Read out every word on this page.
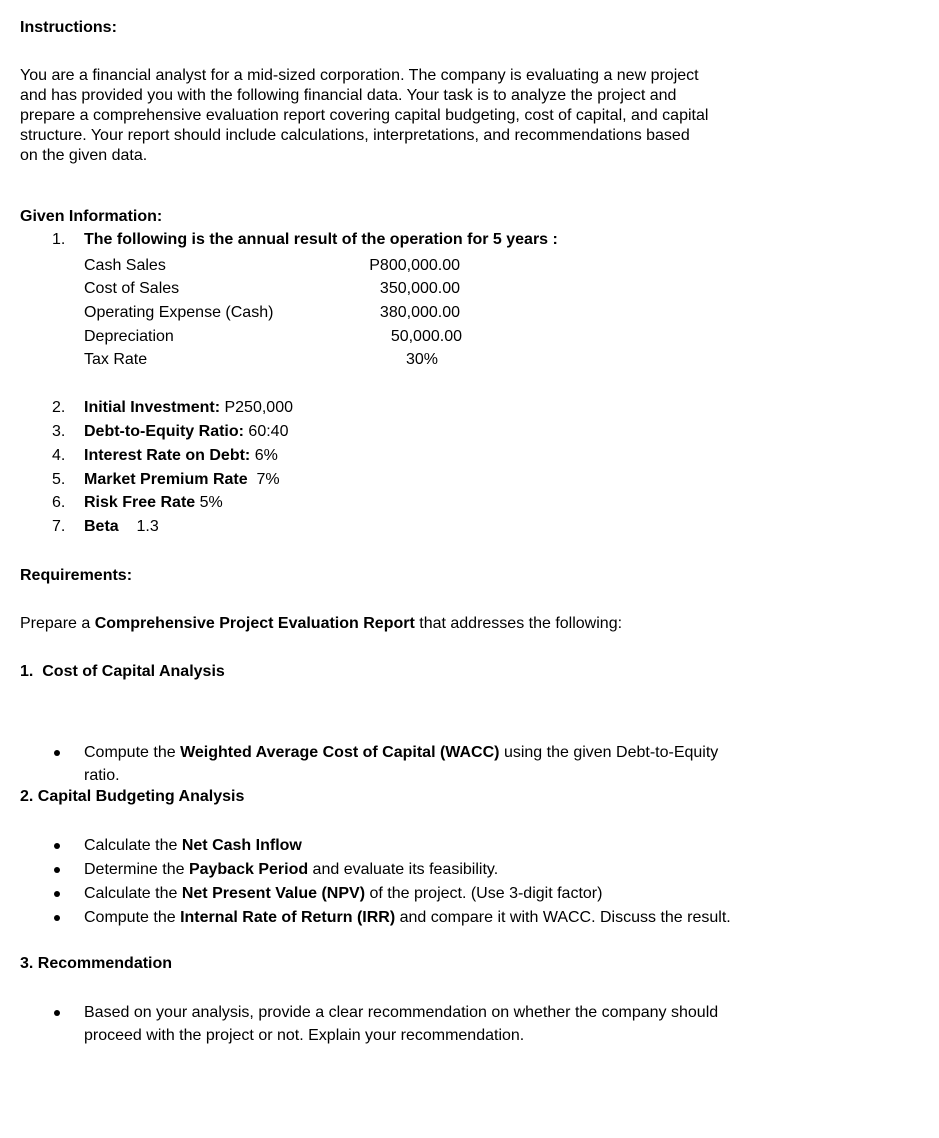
Instructions:
You are a financial analyst for a mid-sized corporation. The company is evaluating a new project
and has provided you with the following financial data. Your task is to analyze the project and
prepare a comprehensive evaluation report covering capital budgeting, cost of capital, and capital
structure. Your report should include calculations, interpretations, and recommendations based
on the given data.
Given Information:
1. The following is the annual result of the operation for 5 years :
Cash Sales	P800,000.00
Cost of Sales	350,000.00
Operating Expense (Cash)	380,000.00
Depreciation	50,000.00
Tax Rate	30%
2. Initial Investment: P250,000
3. Debt-to-Equity Ratio: 60:40
4. Interest Rate on Debt: 6%
5. Market Premium Rate  7%
6. Risk Free Rate 5%
7. Beta    1.3
Requirements:
Prepare a Comprehensive Project Evaluation Report that addresses the following:
1.  Cost of Capital Analysis
Compute the Weighted Average Cost of Capital (WACC) using the given Debt-to-Equity
ratio.
2. Capital Budgeting Analysis
Calculate the Net Cash Inflow
Determine the Payback Period and evaluate its feasibility.
Calculate the Net Present Value (NPV) of the project. (Use 3-digit factor)
Compute the Internal Rate of Return (IRR) and compare it with WACC. Discuss the result.
3. Recommendation
Based on your analysis, provide a clear recommendation on whether the company should
proceed with the project or not. Explain your recommendation.
